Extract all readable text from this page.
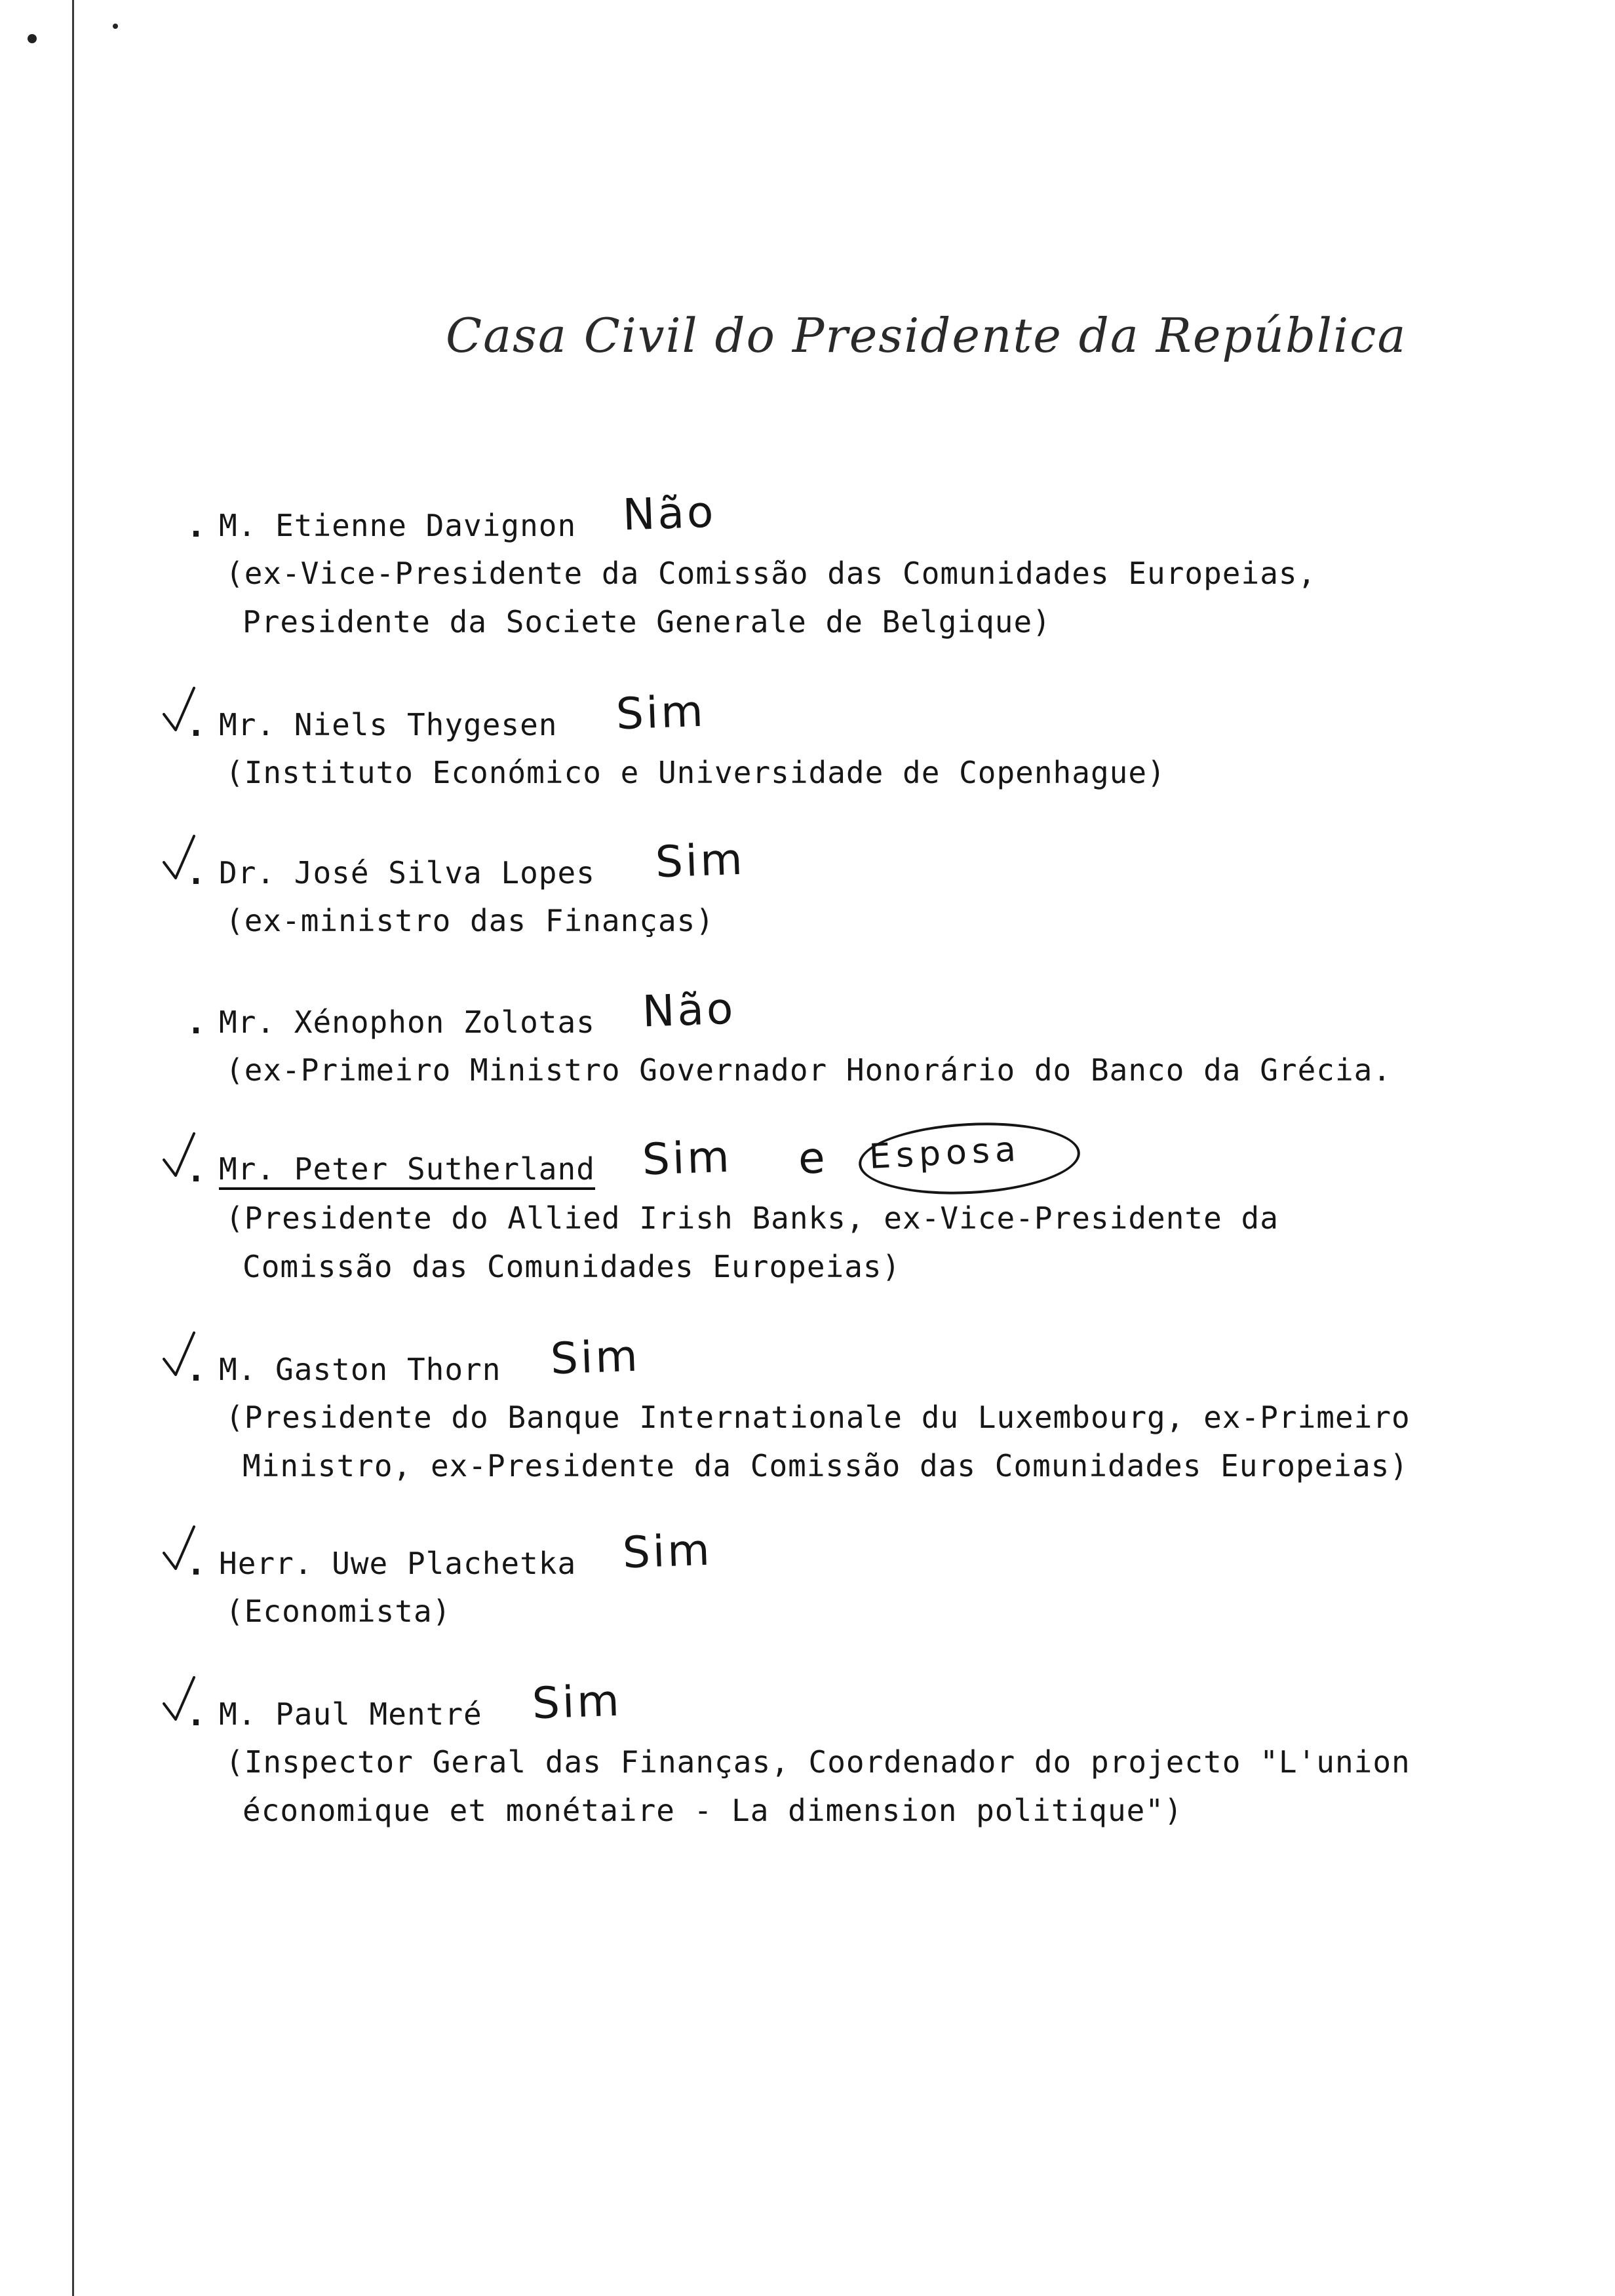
Casa Civil do Presidente da República
. M. Etienne Davignon Não
(ex-Vice-Presidente da Comissão das Comunidades Europeias,
Presidente da Societe Generale de Belgique)
. Mr. Niels Thygesen Sim
(Instituto Económico e Universidade de Copenhague)
. Dr. José Silva Lopes Sim
(ex-ministro das Finanças)
. Mr. Xénophon Zolotas Não
(ex-Primeiro Ministro Governador Honorário do Banco da Grécia.
. Mr. Peter Sutherland Sim e Esposa
(Presidente do Allied Irish Banks, ex-Vice-Presidente da
Comissão das Comunidades Europeias)
. M. Gaston Thorn Sim
(Presidente do Banque Internationale du Luxembourg, ex-Primeiro
Ministro, ex-Presidente da Comissão das Comunidades Europeias)
. Herr. Uwe Plachetka Sim
(Economista)
. M. Paul Mentré Sim
(Inspector Geral das Finanças, Coordenador do projecto "L'union
économique et monétaire - La dimension politique")
